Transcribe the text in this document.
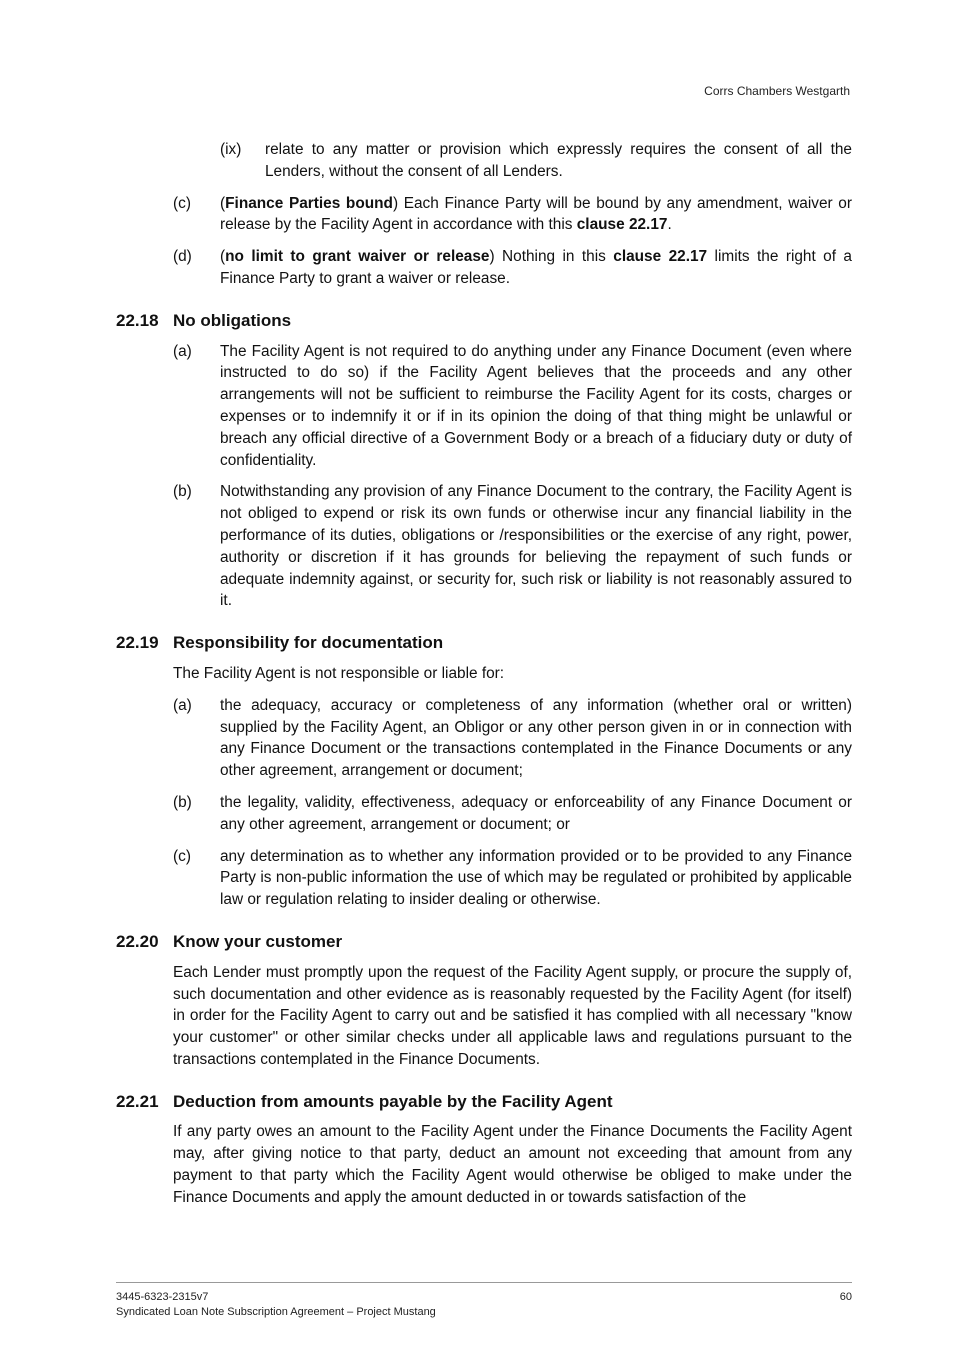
Corrs Chambers Westgarth
(ix)	relate to any matter or provision which expressly requires the consent of all the Lenders, without the consent of all Lenders.
(c) (Finance Parties bound) Each Finance Party will be bound by any amendment, waiver or release by the Facility Agent in accordance with this clause 22.17.
(d) (no limit to grant waiver or release) Nothing in this clause 22.17 limits the right of a Finance Party to grant a waiver or release.
22.18 No obligations
(a) The Facility Agent is not required to do anything under any Finance Document (even where instructed to do so) if the Facility Agent believes that the proceeds and any other arrangements will not be sufficient to reimburse the Facility Agent for its costs, charges or expenses or to indemnify it or if in its opinion the doing of that thing might be unlawful or breach any official directive of a Government Body or a breach of a fiduciary duty or duty of confidentiality.
(b) Notwithstanding any provision of any Finance Document to the contrary, the Facility Agent is not obliged to expend or risk its own funds or otherwise incur any financial liability in the performance of its duties, obligations or /responsibilities or the exercise of any right, power, authority or discretion if it has grounds for believing the repayment of such funds or adequate indemnity against, or security for, such risk or liability is not reasonably assured to it.
22.19 Responsibility for documentation
The Facility Agent is not responsible or liable for:
(a) the adequacy, accuracy or completeness of any information (whether oral or written) supplied by the Facility Agent, an Obligor or any other person given in or in connection with any Finance Document or the transactions contemplated in the Finance Documents or any other agreement, arrangement or document;
(b) the legality, validity, effectiveness, adequacy or enforceability of any Finance Document or any other agreement, arrangement or document; or
(c) any determination as to whether any information provided or to be provided to any Finance Party is non-public information the use of which may be regulated or prohibited by applicable law or regulation relating to insider dealing or otherwise.
22.20 Know your customer
Each Lender must promptly upon the request of the Facility Agent supply, or procure the supply of, such documentation and other evidence as is reasonably requested by the Facility Agent (for itself) in order for the Facility Agent to carry out and be satisfied it has complied with all necessary "know your customer" or other similar checks under all applicable laws and regulations pursuant to the transactions contemplated in the Finance Documents.
22.21 Deduction from amounts payable by the Facility Agent
If any party owes an amount to the Facility Agent under the Finance Documents the Facility Agent may, after giving notice to that party, deduct an amount not exceeding that amount from any payment to that party which the Facility Agent would otherwise be obliged to make under the Finance Documents and apply the amount deducted in or towards satisfaction of the
3445-6323-2315v7
Syndicated Loan Note Subscription Agreement – Project Mustang
60
